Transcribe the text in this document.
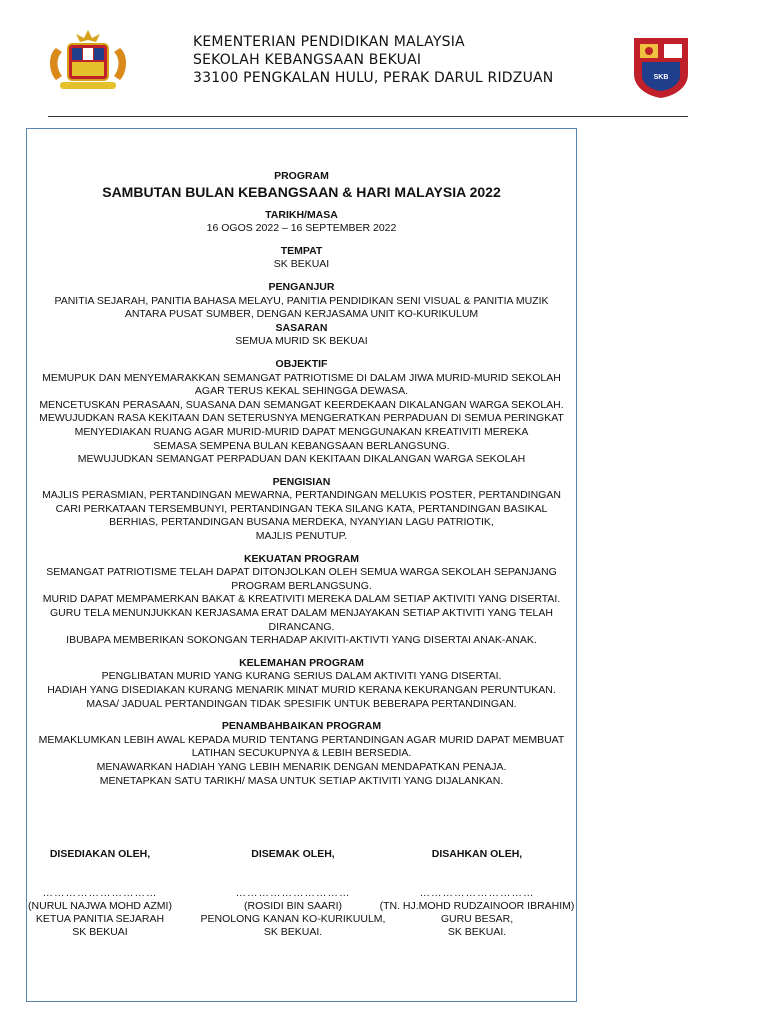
KEMENTERIAN PENDIDIKAN MALAYSIA
SEKOLAH KEBANGSAAN BEKUAI
33100 PENGKALAN HULU, PERAK DARUL RIDZUAN	SKB
PROGRAM
SAMBUTAN BULAN KEBANGSAAN & HARI MALAYSIA 2022
TARIKH/MASA
16 OGOS 2022 – 16 SEPTEMBER 2022
TEMPAT
SK BEKUAI
PENGANJUR
PANITIA SEJARAH, PANITIA BAHASA MELAYU, PANITIA PENDIDIKAN SENI VISUAL & PANITIA MUZIK
ANTARA PUSAT SUMBER, DENGAN KERJASAMA UNIT KO-KURIKULUM
SASARAN
SEMUA MURID SK BEKUAI
OBJEKTIF
MEMUPUK DAN MENYEMARAKKAN SEMANGAT PATRIOTISME DI DALAM JIWA MURID-MURID SEKOLAH
AGAR TERUS KEKAL SEHINGGA DEWASA.
MENCETUSKAN PERASAAN, SUASANA DAN SEMANGAT KEERDEKAAN DIKALANGAN WARGA SEKOLAH.
MEWUJUDKAN RASA KEKITAAN DAN SETERUSNYA MENGERATKAN PERPADUAN DI SEMUA PERINGKAT
MENYEDIAKAN RUANG AGAR MURID-MURID DAPAT MENGGUNAKAN KREATIVITI MEREKA
SEMASA SEMPENA BULAN KEBANGSAAN BERLANGSUNG.
MEWUJUDKAN SEMANGAT PERPADUAN DAN KEKITAAN DIKALANGAN WARGA SEKOLAH
PENGISIAN
MAJLIS PERASMIAN, PERTANDINGAN MEWARNA, PERTANDINGAN MELUKIS POSTER, PERTANDINGAN
CARI PERKATAAN TERSEMBUNYI, PERTANDINGAN TEKA SILANG KATA, PERTANDINGAN BASIKAL
BERHIAS, PERTANDINGAN BUSANA MERDEKA, NYANYIAN LAGU PATRIOTIK,
MAJLIS PENUTUP.
KEKUATAN PROGRAM
SEMANGAT PATRIOTISME TELAH DAPAT DITONJOLKAN OLEH SEMUA WARGA SEKOLAH SEPANJANG
PROGRAM BERLANGSUNG.
MURID DAPAT MEMPAMERKAN BAKAT & KREATIVITI MEREKA DALAM SETIAP AKTIVITI YANG DISERTAI.
GURU TELA MENUNJUKKAN KERJASAMA ERAT DALAM MENJAYAKAN SETIAP AKTIVITI YANG TELAH
DIRANCANG.
IBUBAPA MEMBERIKAN SOKONGAN TERHADAP AKIVITI-AKTIVTI YANG DISERTAI ANAK-ANAK.
KELEMAHAN PROGRAM
PENGLIBATAN MURID YANG KURANG SERIUS DALAM AKTIVITI YANG DISERTAI.
HADIAH YANG DISEDIAKAN KURANG MENARIK MINAT MURID KERANA KEKURANGAN PERUNTUKAN.
MASA/ JADUAL PERTANDINGAN TIDAK SPESIFIK UNTUK BEBERAPA PERTANDINGAN.
PENAMBAHBAIKAN PROGRAM
MEMAKLUMKAN LEBIH AWAL KEPADA MURID TENTANG PERTANDINGAN AGAR MURID DAPAT MEMBUAT
LATIHAN SECUKUPNYA & LEBIH BERSEDIA.
MENAWARKAN HADIAH YANG LEBIH MENARIK DENGAN MENDAPATKAN PENAJA.
MENETAPKAN SATU TARIKH/ MASA UNTUK SETIAP AKTIVITI YANG DIJALANKAN.
DISEDIAKAN OLEH,
…………………………
(NURUL NAJWA MOHD AZMI)
KETUA PANITIA SEJARAH
SK BEKUAI
DISEMAK OLEH,
…………………………
(ROSIDI BIN SAARI)
PENOLONG KANAN KO-KURIKUULM,
SK BEKUAI.
DISAHKAN OLEH,
…………………………
(TN. HJ.MOHD RUDZAINOOR IBRAHIM)
GURU BESAR,
SK BEKUAI.
